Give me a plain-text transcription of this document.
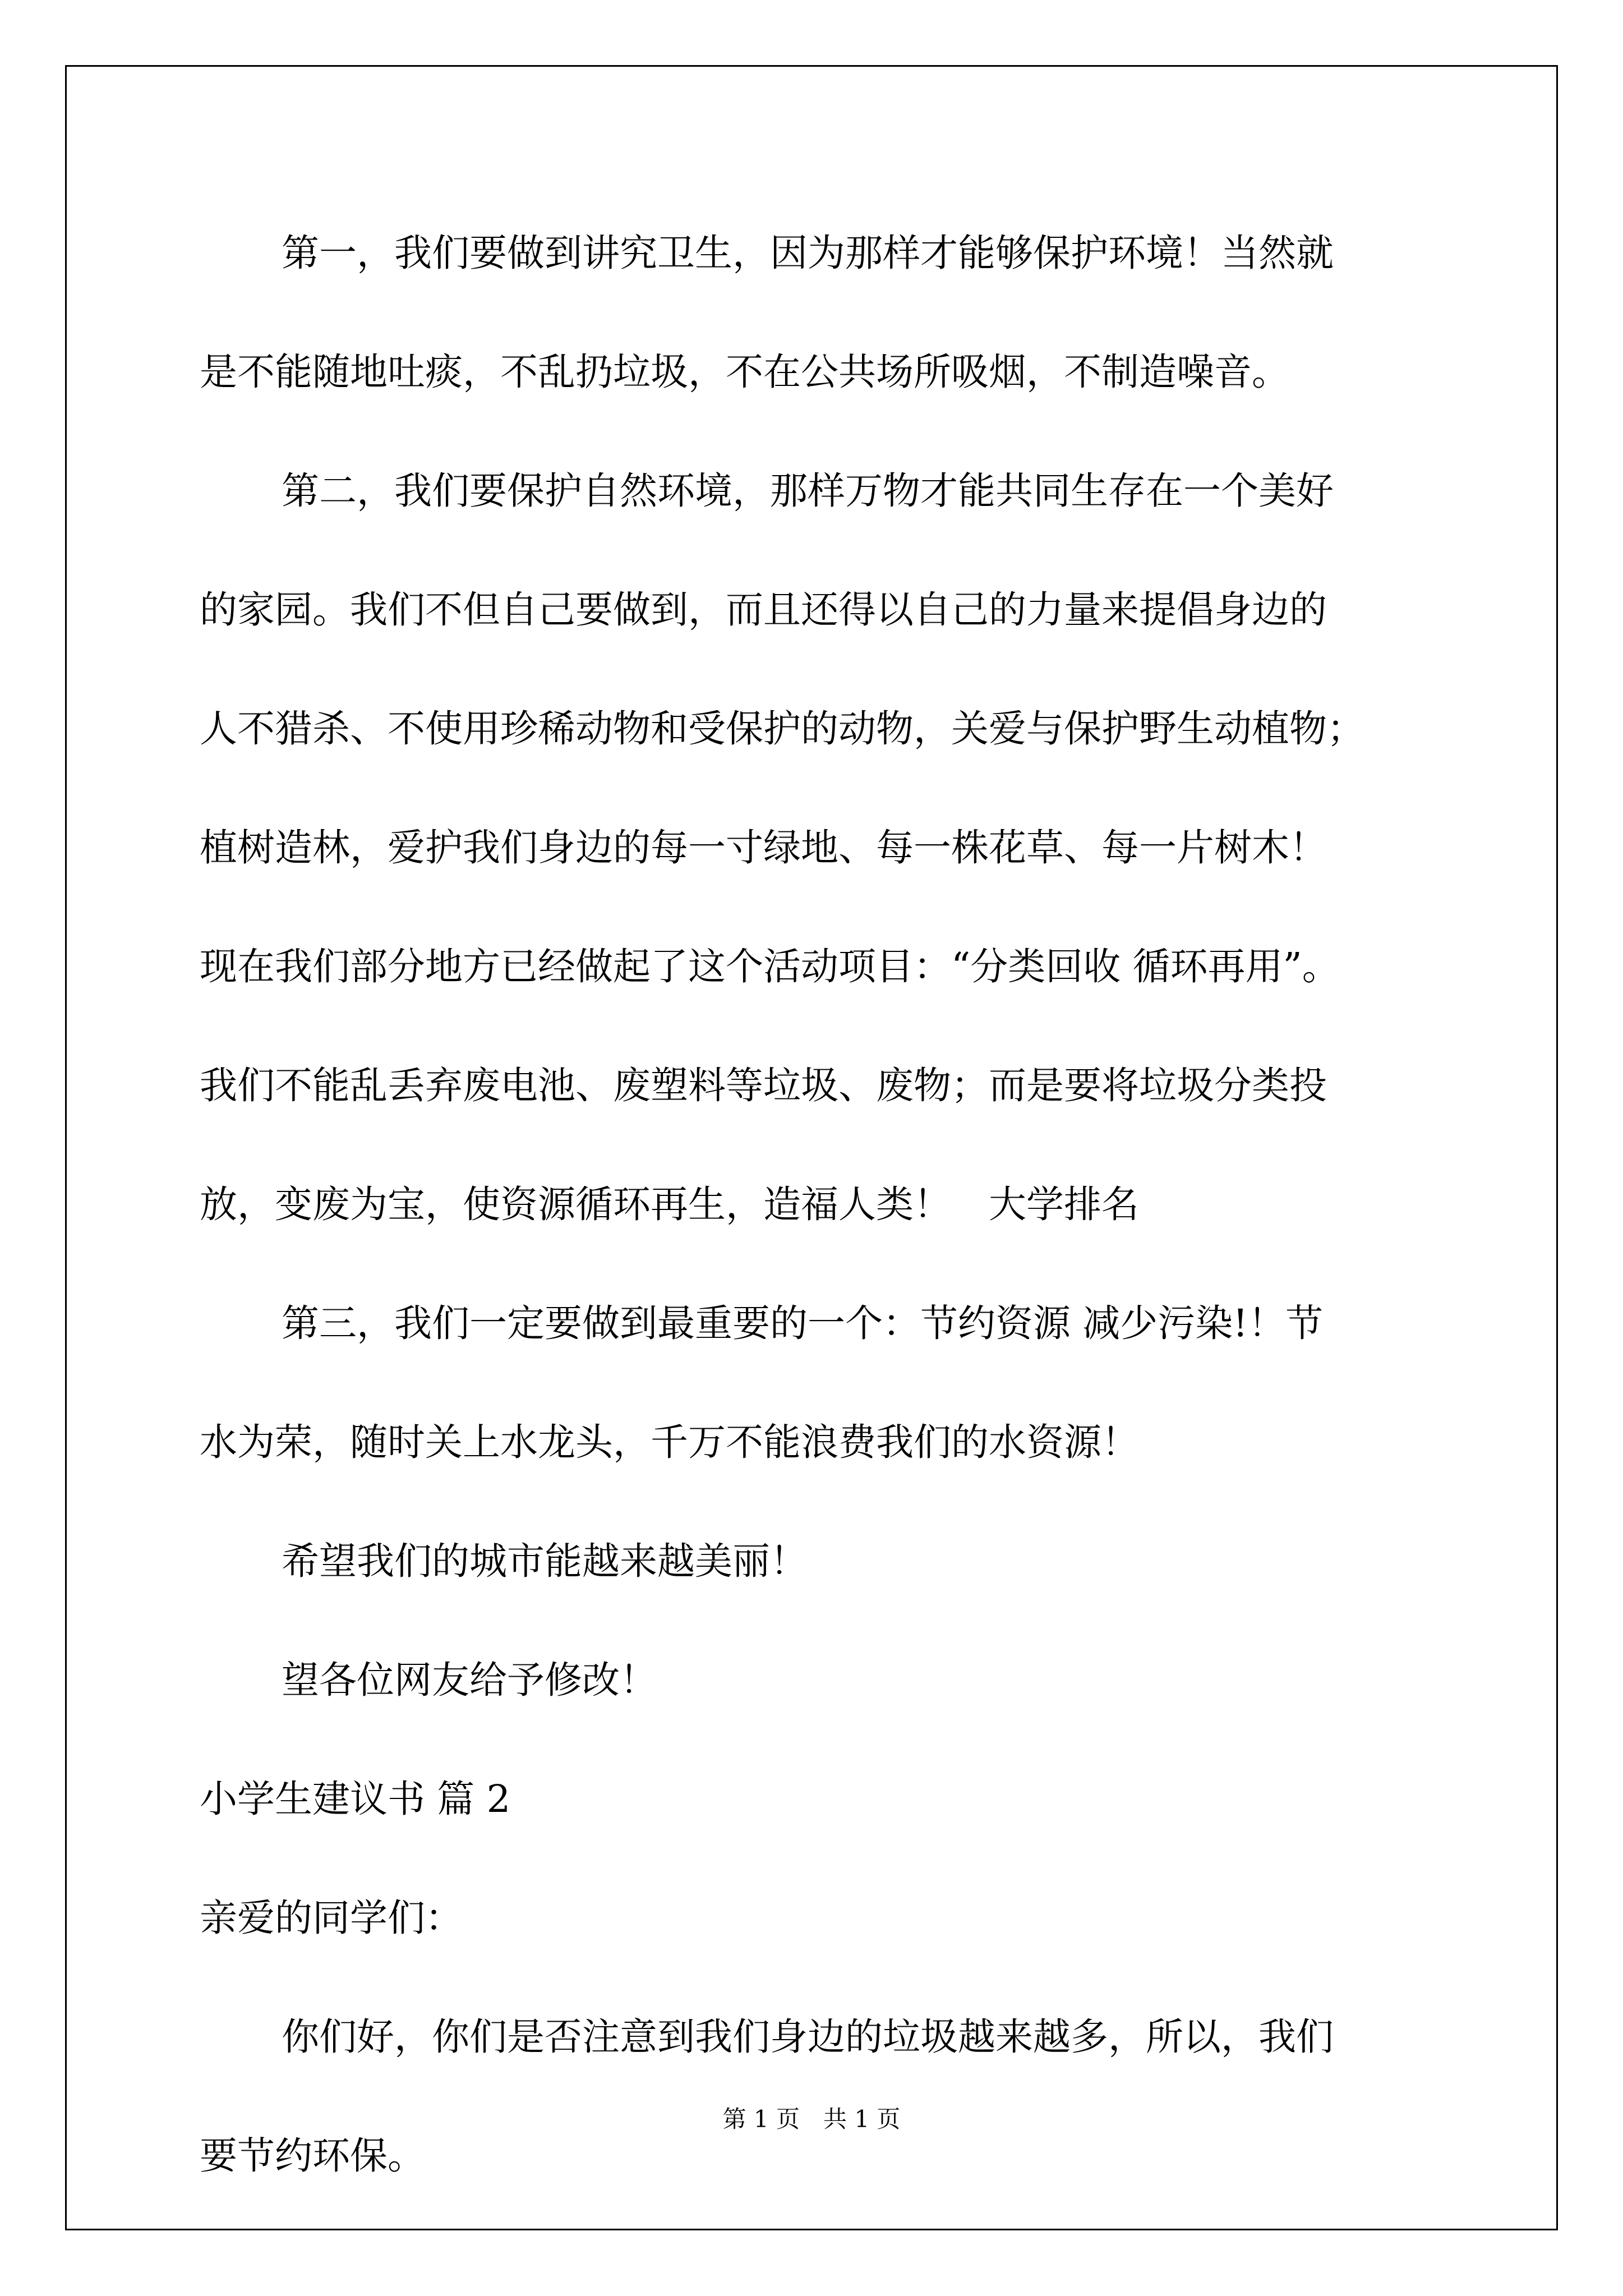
第一，我们要做到讲究卫生，因为那样才能够保护环境！当然就

是不能随地吐痰，不乱扔垃圾，不在公共场所吸烟，不制造噪音。

第二，我们要保护自然环境，那样万物才能共同生存在一个美好

的家园。我们不但自己要做到，而且还得以自己的力量来提倡身边的

人不猎杀、不使用珍稀动物和受保护的动物，关爱与保护野生动植物；

植树造林，爱护我们身边的每一寸绿地、每一株花草、每一片树木！

现在我们部分地方已经做起了这个活动项目：“分类回收 循环再用”。

我们不能乱丢弃废电池、废塑料等垃圾、废物；而是要将垃圾分类投

放，变废为宝，使资源循环再生，造福人类！　大学排名

第三，我们一定要做到最重要的一个：节约资源 减少污染!！节

水为荣，随时关上水龙头，千万不能浪费我们的水资源！

希望我们的城市能越来越美丽！

望各位网友给予修改！

小学生建议书 篇 2

亲爱的同学们：

你们好，你们是否注意到我们身边的垃圾越来越多，所以，我们

要节约环保。

第 1 页　共 1 页
